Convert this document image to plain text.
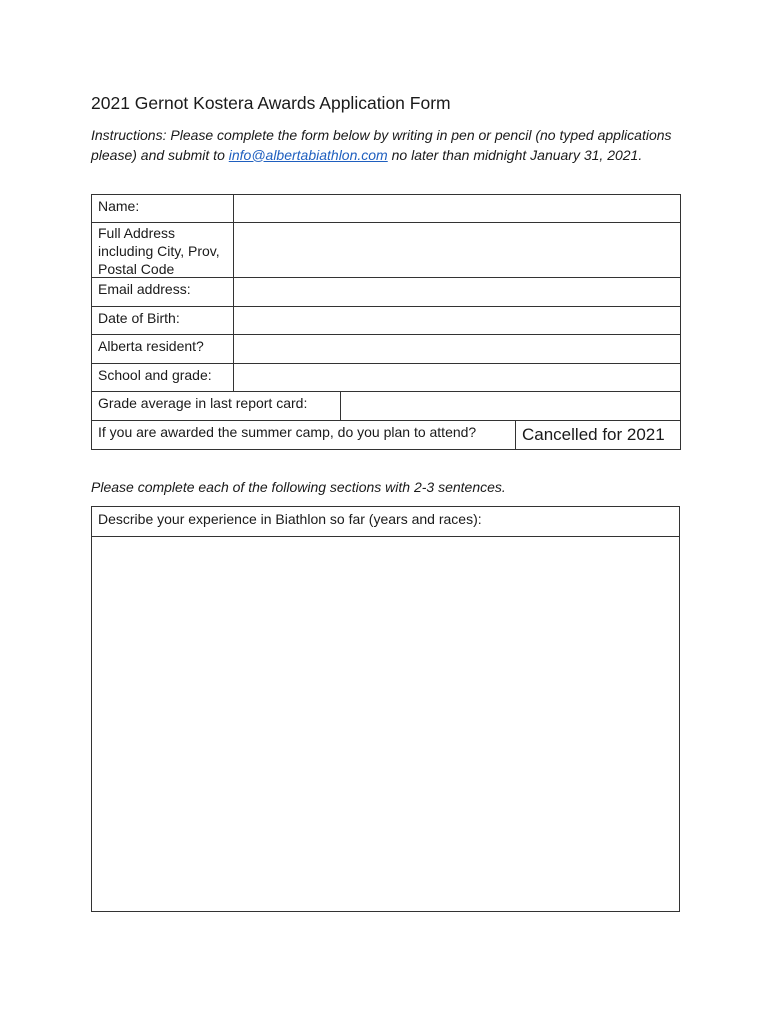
2021 Gernot Kostera Awards Application Form
Instructions: Please complete the form below by writing in pen or pencil (no typed applications please) and submit to info@albertabiathlon.com no later than midnight January 31, 2021.
Name:
Full Address including City, Prov, Postal Code
Email address:
Date of Birth:
Alberta resident?
School and grade:
Grade average in last report card:
If you are awarded the summer camp, do you plan to attend?	Cancelled for 2021
Please complete each of the following sections with 2-3 sentences.
Describe your experience in Biathlon so far (years and races):
